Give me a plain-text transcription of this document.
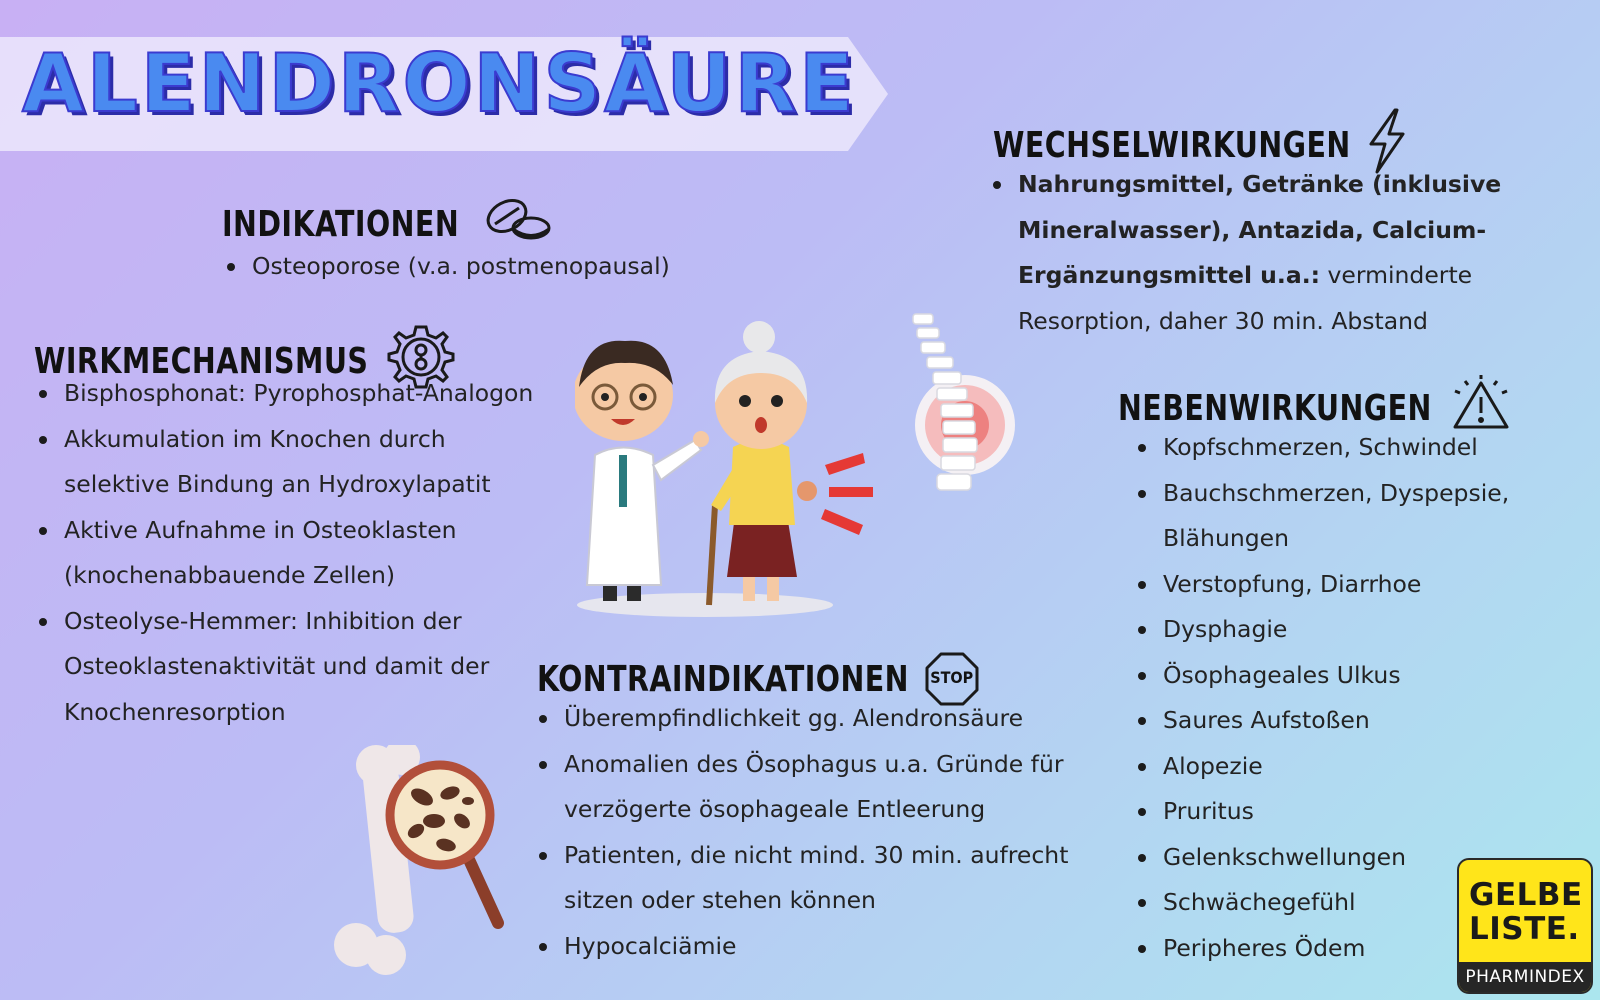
ALENDRONSÄURE
INDIKATIONEN
Osteoporose (v.a. postmenopausal)
WIRKMECHANISMUS
Bisphosphonat: Pyrophosphat-Analogon
Akkumulation im Knochen durch selektive Bindung an Hydroxylapatit
Aktive Aufnahme in Osteoklasten (knochenabbauende Zellen)
Osteolyse-Hemmer: Inhibition der Osteoklastenaktivität und damit der Knochenresorption
WECHSELWIRKUNGEN
Nahrungsmittel, Getränke (inklusive Mineralwasser), Antazida, Calcium-Ergänzungsmittel u.a.: verminderte Resorption, daher 30 min. Abstand
NEBENWIRKUNGEN
Kopfschmerzen, Schwindel
Bauchschmerzen, Dyspepsie, Blähungen
Verstopfung, Diarrhoe
Dysphagie
Ösophageales Ulkus
Saures Aufstoßen
Alopezie
Pruritus
Gelenkschwellungen
Schwächegefühl
Peripheres Ödem
KONTRAINDIKATIONEN	STOP
Überempfindlichkeit gg. Alendronsäure
Anomalien des Ösophagus u.a. Gründe für verzögerte ösophageale Entleerung
Patienten, die nicht mind. 30 min. aufrecht sitzen oder stehen können
Hypocalciämie
GELBE
LISTE.
PHARMINDEX
